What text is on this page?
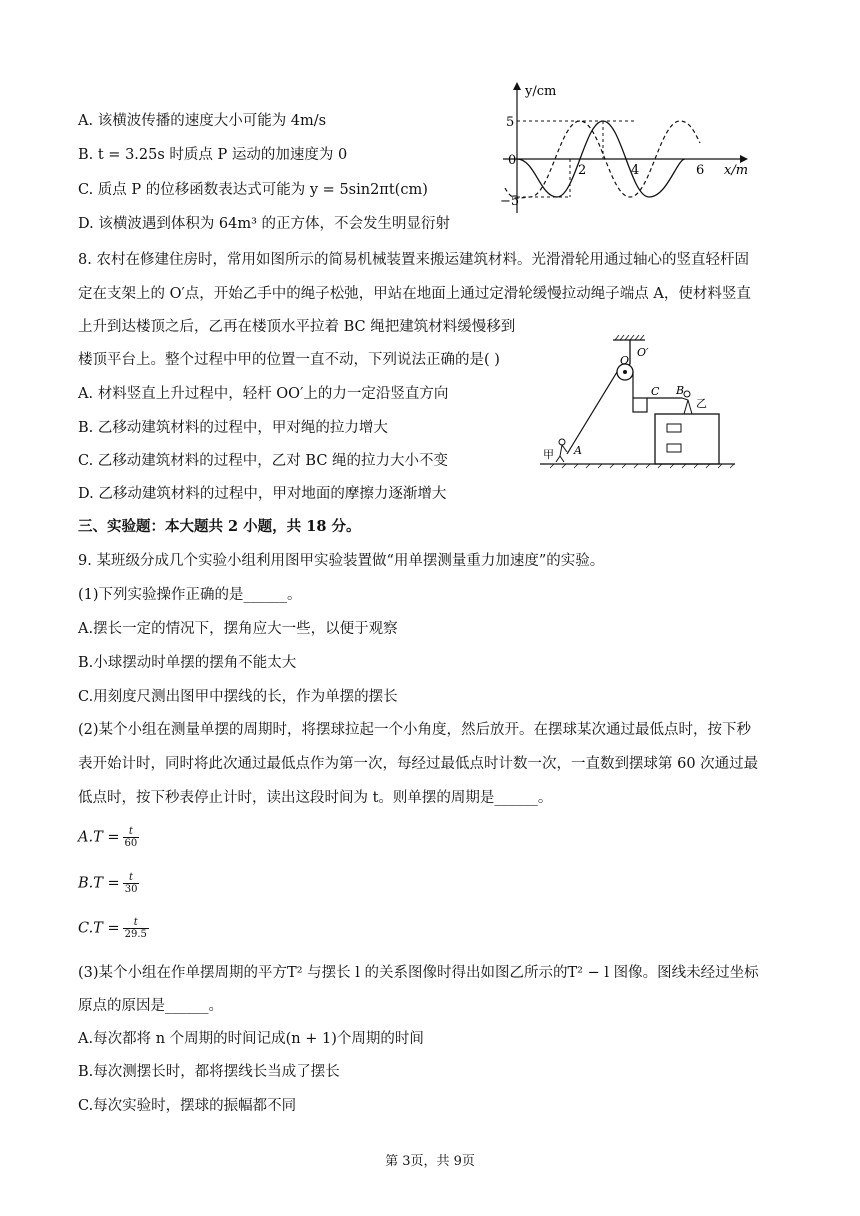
A. 该横波传播的速度大小可能为 4m/s
B. t = 3.25s 时质点 P 运动的加速度为 0
C. 质点 P 的位移函数表达式可能为 y = 5sin2πt(cm)
D. 该横波遇到体积为 64m³ 的正方体，不会发生明显衍射
y/cm
x/m
0
5
−5
2	4	6
8. 农村在修建住房时，常用如图所示的简易机械装置来搬运建筑材料。光滑滑轮用通过轴心的竖直轻杆固
定在支架上的 O′点，开始乙手中的绳子松弛，甲站在地面上通过定滑轮缓慢拉动绳子端点 A，使材料竖直
上升到达楼顶之后，乙再在楼顶水平拉着 BC 绳把建筑材料缓慢移到
楼顶平台上。整个过程中甲的位置一直不动，下列说法正确的是( )
A. 材料竖直上升过程中，轻杆 OO′上的力一定沿竖直方向
B. 乙移动建筑材料的过程中，甲对绳的拉力增大
C. 乙移动建筑材料的过程中，乙对 BC 绳的拉力大小不变
D. 乙移动建筑材料的过程中，甲对地面的摩擦力逐渐增大
O
O′
C B
乙
甲 A
三、实验题：本大题共 2 小题，共 18 分。
9. 某班级分成几个实验小组利用图甲实验装置做“用单摆测量重力加速度”的实验。
(1)下列实验操作正确的是______。
A.摆长一定的情况下，摆角应大一些，以便于观察
B.小球摆动时单摆的摆角不能太大
C.用刻度尺测出图甲中摆线的长，作为单摆的摆长
(2)某个小组在测量单摆的周期时，将摆球拉起一个小角度，然后放开。在摆球某次通过最低点时，按下秒
表开始计时，同时将此次通过最低点作为第一次，每经过最低点时计数一次，一直数到摆球第 60 次通过最
低点时，按下秒表停止计时，读出这段时间为 t。则单摆的周期是______。
$A.T = \frac{t}{60}$
$B.T = \frac{t}{30}$
$C.T = \frac{t}{29.5}$
(3)某个小组在作单摆周期的平方T² 与摆长 l 的关系图像时得出如图乙所示的T² − l 图像。图线未经过坐标
原点的原因是______。
A.每次都将 n 个周期的时间记成(n + 1)个周期的时间
B.每次测摆长时，都将摆线长当成了摆长
C.每次实验时，摆球的振幅都不同
第 3页，共 9页
